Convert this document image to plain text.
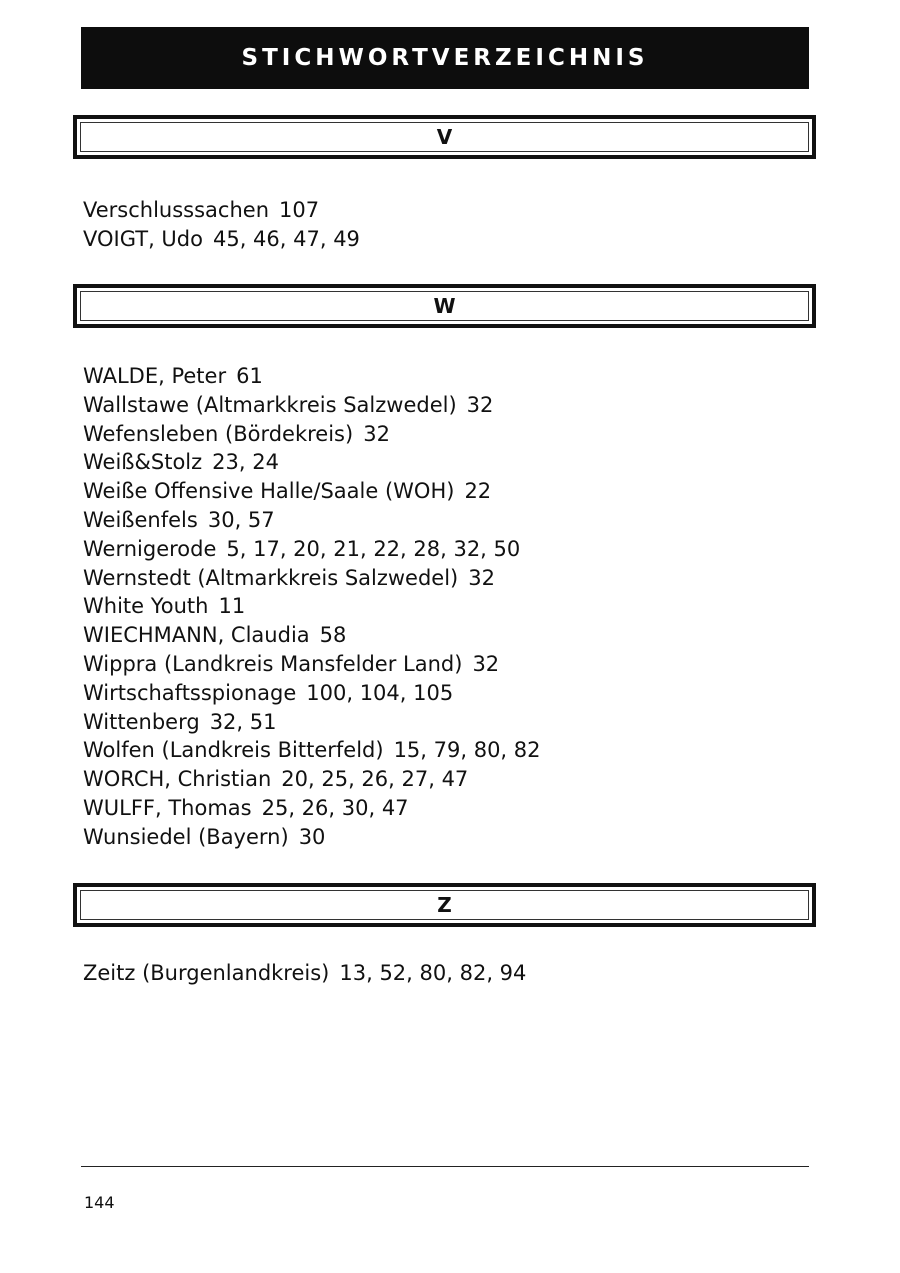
STICHWORTVERZEICHNIS
V
Verschlusssachen 107
VOIGT, Udo 45, 46, 47, 49
W
WALDE, Peter 61
Wallstawe (Altmarkkreis Salzwedel) 32
Wefensleben (Bördekreis) 32
Weiß&Stolz 23, 24
Weiße Offensive Halle/Saale (WOH) 22
Weißenfels 30, 57
Wernigerode 5, 17, 20, 21, 22, 28, 32, 50
Wernstedt (Altmarkkreis Salzwedel) 32
White Youth 11
WIECHMANN, Claudia 58
Wippra (Landkreis Mansfelder Land) 32
Wirtschaftsspionage 100, 104, 105
Wittenberg 32, 51
Wolfen (Landkreis Bitterfeld) 15, 79, 80, 82
WORCH, Christian 20, 25, 26, 27, 47
WULFF, Thomas 25, 26, 30, 47
Wunsiedel (Bayern) 30
Z
Zeitz (Burgenlandkreis) 13, 52, 80, 82, 94
144
